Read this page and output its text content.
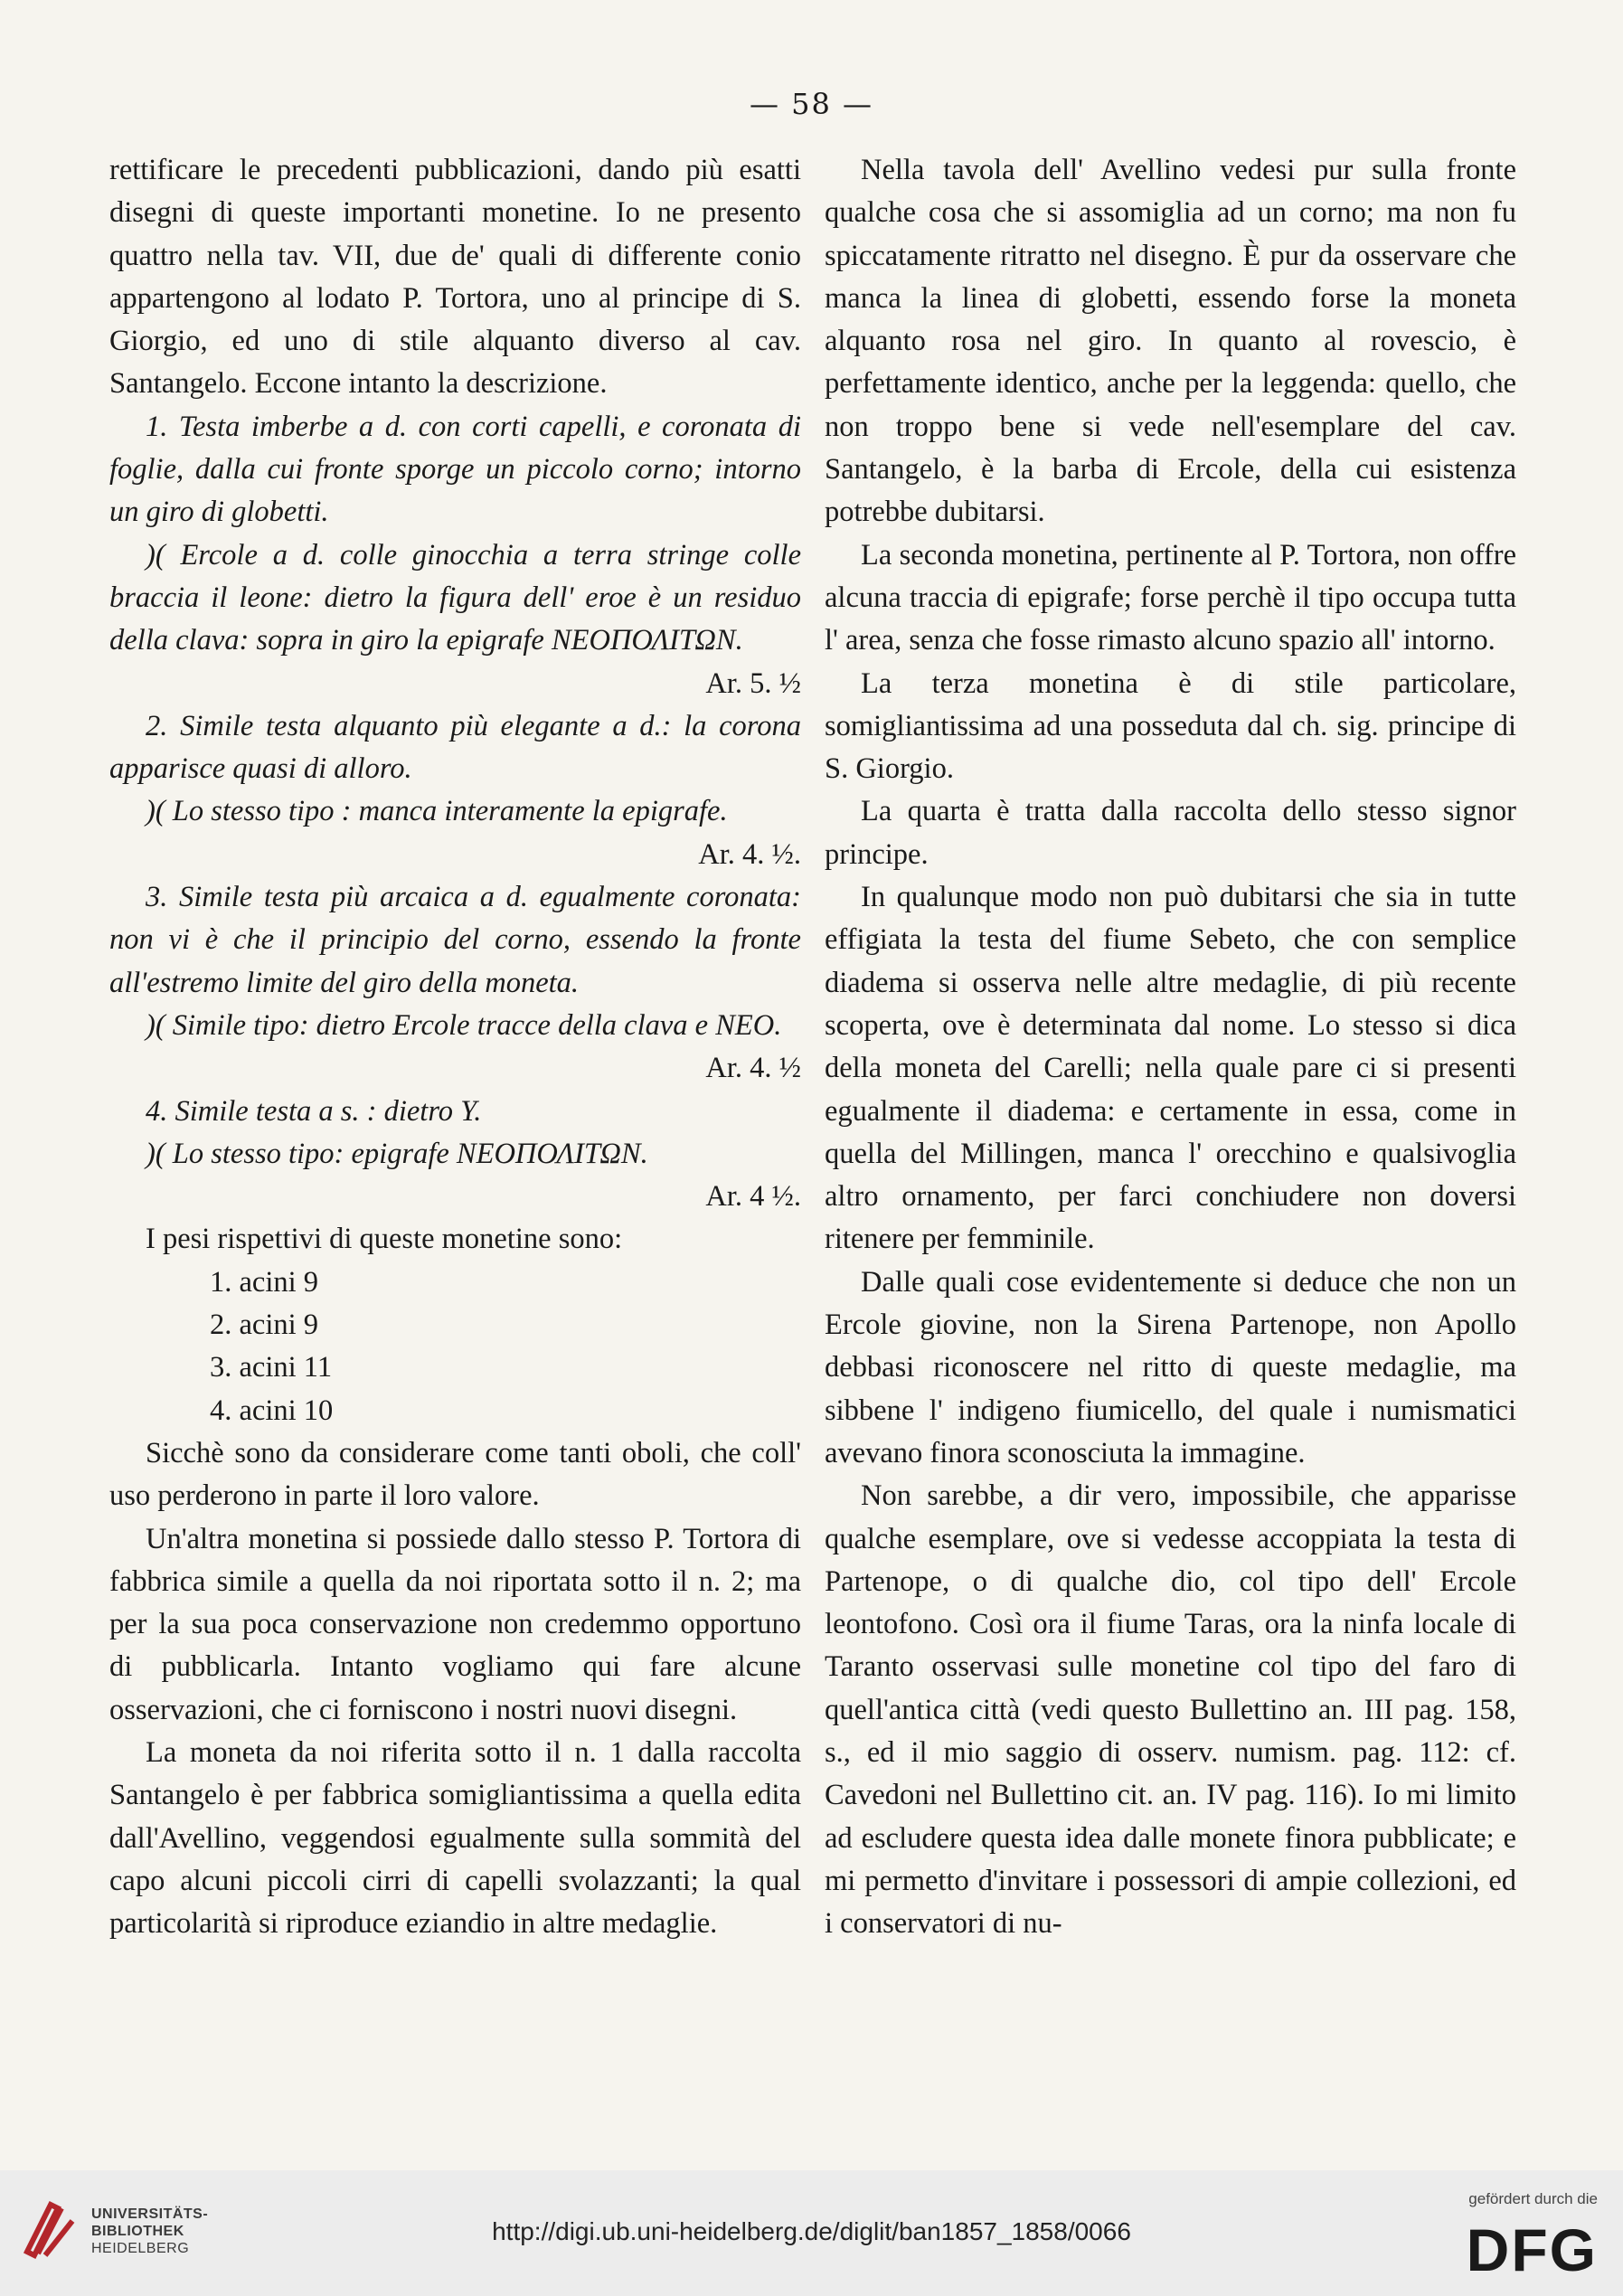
— 58 —

rettificare le precedenti pubblicazioni, dando più esatti disegni di queste importanti monetine. Io ne presento quattro nella tav. VII, due de' quali di differente conio appartengono al lodato P. Tortora, uno al principe di S. Giorgio, ed uno di stile alquanto diverso al cav. Santangelo. Eccone intanto la descrizione.

1. Testa imberbe a d. con corti capelli, e coronata di foglie, dalla cui fronte sporge un piccolo corno; intorno un giro di globetti.

)( Ercole a d. colle ginocchia a terra stringe colle braccia il leone: dietro la figura dell' eroe è un residuo della clava: sopra in giro la epigrafe ΝΕΟΠΟΛΙΤΩΝ.

Ar. 5. ½

2. Simile testa alquanto più elegante a d.: la corona apparisce quasi di alloro.

)( Lo stesso tipo : manca interamente la epigrafe.

Ar. 4. ½.

3. Simile testa più arcaica a d. egualmente coronata: non vi è che il principio del corno, essendo la fronte all'estremo limite del giro della moneta.

)( Simile tipo: dietro Ercole tracce della clava e ΝΕΟ.

Ar. 4. ½

4. Simile testa a s. : dietro Υ.

)( Lo stesso tipo: epigrafe ΝΕΟΠΟΛΙΤΩΝ.

Ar. 4 ½.

I pesi rispettivi di queste monetine sono:

1. acini 9
2. acini 9
3. acini 11
4. acini 10

Sicchè sono da considerare come tanti oboli, che coll' uso perderono in parte il loro valore.

Un'altra monetina si possiede dallo stesso P. Tortora di fabbrica simile a quella da noi riportata sotto il n. 2; ma per la sua poca conservazione non credemmo opportuno di pubblicarla. Intanto vogliamo qui fare alcune osservazioni, che ci forniscono i nostri nuovi disegni.

La moneta da noi riferita sotto il n. 1 dalla raccolta Santangelo è per fabbrica somigliantissima a quella edita dall'Avellino, veggendosi egualmente sulla sommità del capo alcuni piccoli cirri di capelli svolazzanti; la qual particolarità si riproduce eziandio in altre medaglie.

Nella tavola dell' Avellino vedesi pur sulla fronte qualche cosa che si assomiglia ad un corno; ma non fu spiccatamente ritratto nel disegno. È pur da osservare che manca la linea di globetti, essendo forse la moneta alquanto rosa nel giro. In quanto al rovescio, è perfettamente identico, anche per la leggenda: quello, che non troppo bene si vede nell'esemplare del cav. Santangelo, è la barba di Ercole, della cui esistenza potrebbe dubitarsi.

La seconda monetina, pertinente al P. Tortora, non offre alcuna traccia di epigrafe; forse perchè il tipo occupa tutta l' area, senza che fosse rimasto alcuno spazio all' intorno.

La terza monetina è di stile particolare, somigliantissima ad una posseduta dal ch. sig. principe di S. Giorgio.

La quarta è tratta dalla raccolta dello stesso signor principe.

In qualunque modo non può dubitarsi che sia in tutte effigiata la testa del fiume Sebeto, che con semplice diadema si osserva nelle altre medaglie, di più recente scoperta, ove è determinata dal nome. Lo stesso si dica della moneta del Carelli; nella quale pare ci si presenti egualmente il diadema: e certamente in essa, come in quella del Millingen, manca l' orecchino e qualsivoglia altro ornamento, per farci conchiudere non doversi ritenere per femminile.

Dalle quali cose evidentemente si deduce che non un Ercole giovine, non la Sirena Partenope, non Apollo debbasi riconoscere nel ritto di queste medaglie, ma sibbene l' indigeno fiumicello, del quale i numismatici avevano finora sconosciuta la immagine.

Non sarebbe, a dir vero, impossibile, che apparisse qualche esemplare, ove si vedesse accoppiata la testa di Partenope, o di qualche dio, col tipo dell' Ercole leontofono. Così ora il fiume Taras, ora la ninfa locale di Taranto osservasi sulle monetine col tipo del faro di quell'antica città (vedi questo Bullettino an. III pag. 158, s., ed il mio saggio di osserv. numism. pag. 112: cf. Cavedoni nel Bullettino cit. an. IV pag. 116). Io mi limito ad escludere questa idea dalle monete finora pubblicate; e mi permetto d'invitare i possessori di ampie collezioni, ed i conservatori di nu-

UNIVERSITÄTS-
BIBLIOTHEK
HEIDELBERG
http://digi.ub.uni-heidelberg.de/diglit/ban1857_1858/0066
gefördert durch die
DFG
